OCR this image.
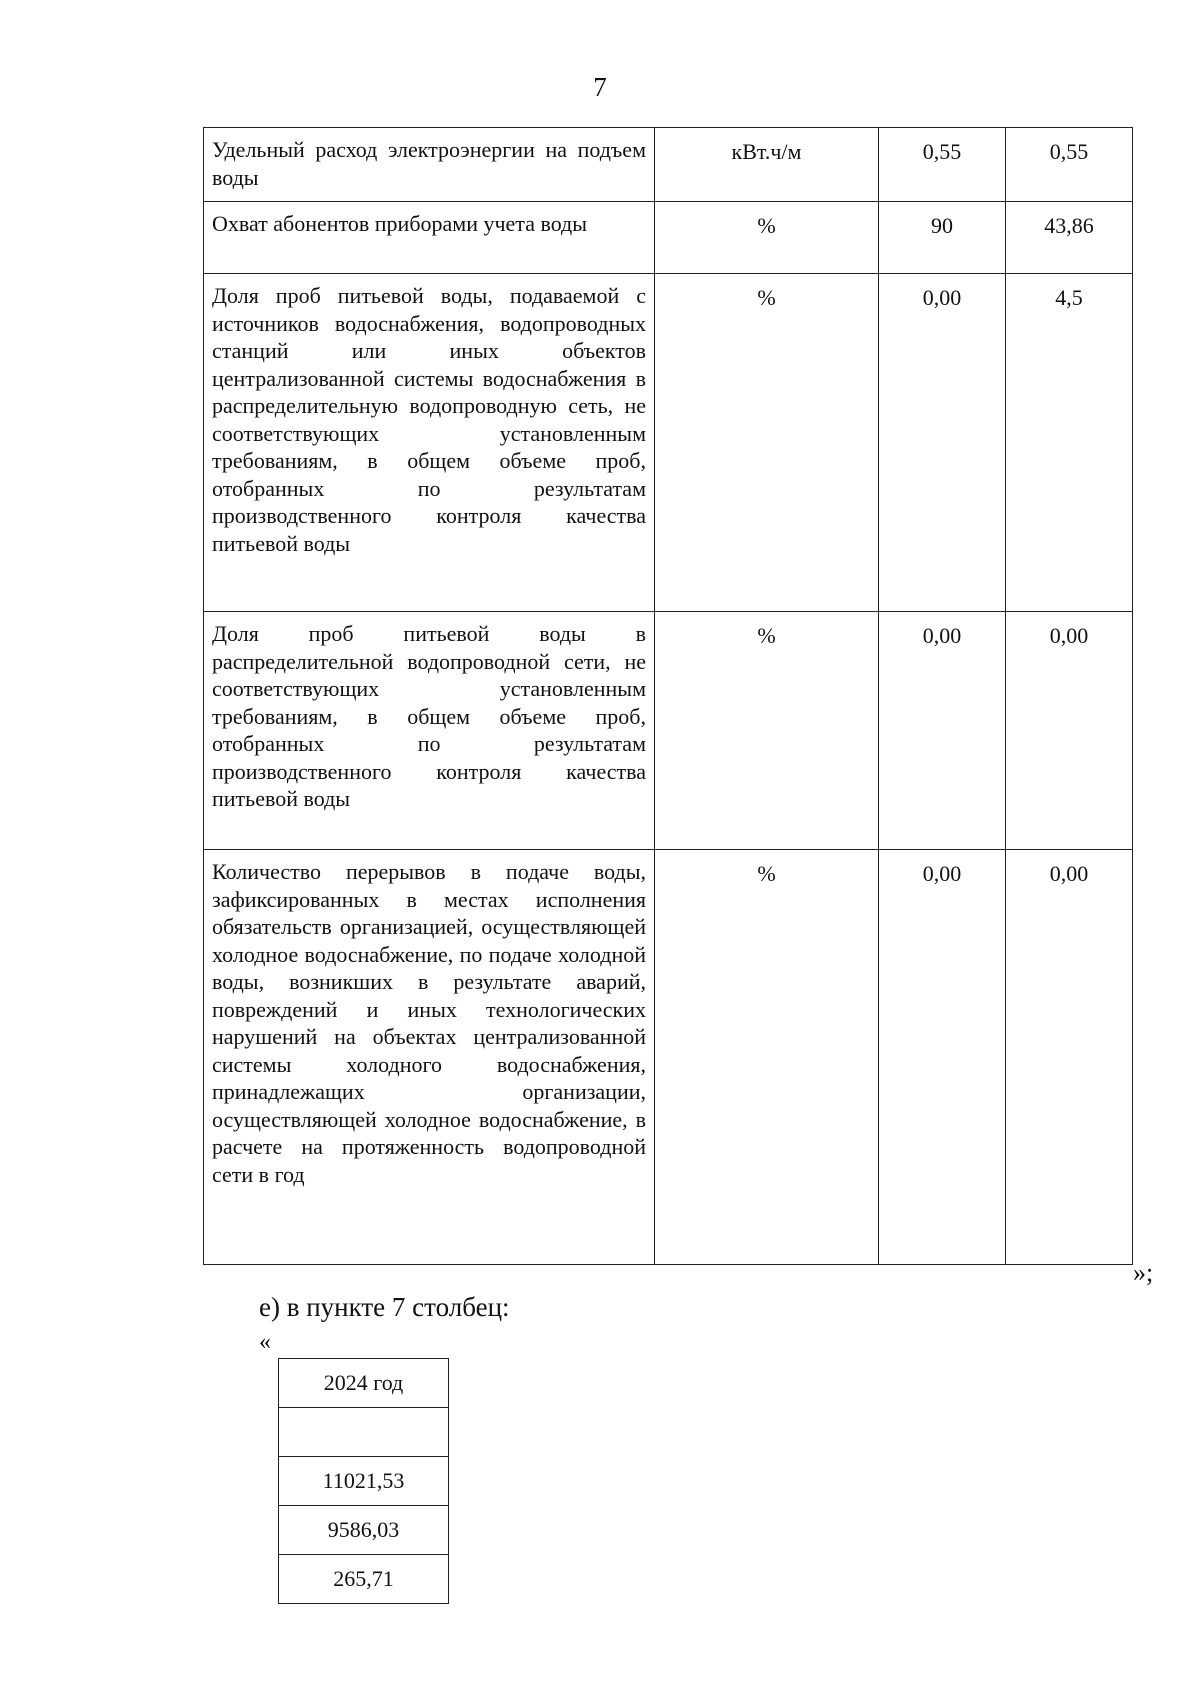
7
Удельный расход электроэнергии на подъем воды	кВт.ч/м	0,55	0,55
Охват абонентов приборами учета воды	%	90	43,86
Доля проб питьевой воды, подаваемой с источников водоснабжения, водопроводных станций или иных объектов централизованной системы водоснабжения в распределительную водопроводную сеть, не соответствующих установленным требованиям, в общем объеме проб, отобранных по результатам производственного контроля качества питьевой воды	%	0,00	4,5
Доля проб питьевой воды в распределительной водопроводной сети, не соответствующих установленным требованиям, в общем объеме проб, отобранных по результатам производственного контроля качества питьевой воды	%	0,00	0,00
Количество перерывов в подаче воды, зафиксированных в местах исполнения обязательств организацией, осуществляющей холодное водоснабжение, по подаче холодной воды, возникших в результате аварий, повреждений и иных технологических нарушений на объектах централизованной системы холодного водоснабжения, принадлежащих организации, осуществляющей холодное водоснабжение, в расчете на протяженность водопроводной сети в год	%	0,00	0,00
»;
е) в пункте 7 столбец:
«
2024 год

11021,53
9586,03
265,71
